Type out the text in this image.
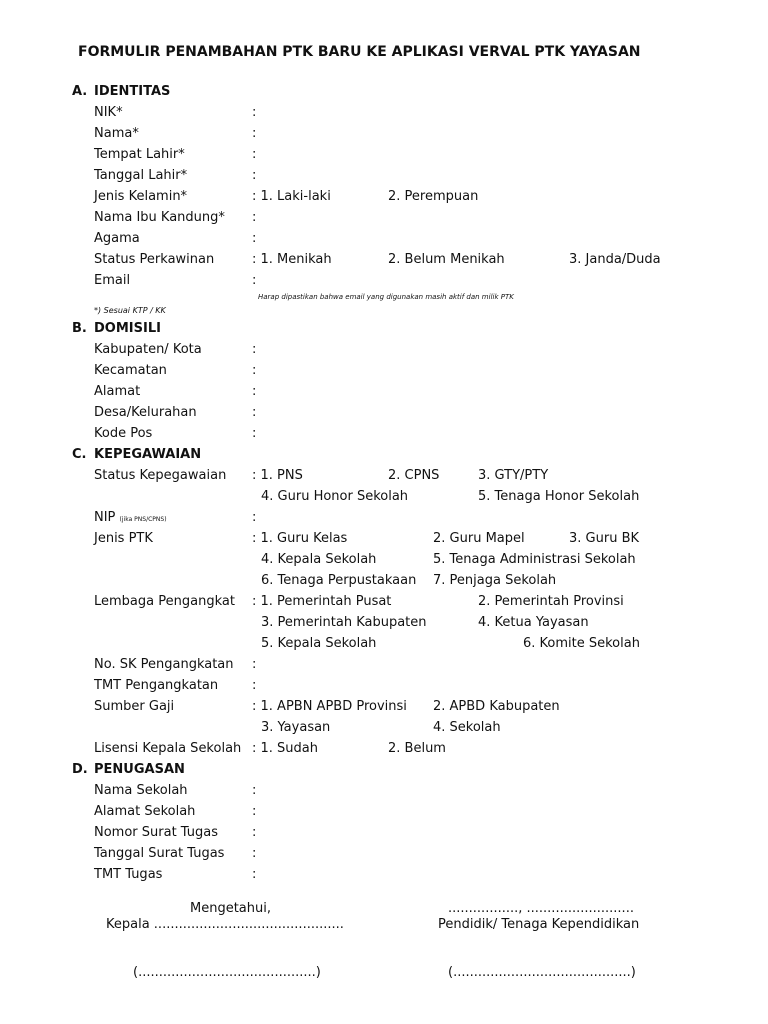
FORMULIR PENAMBAHAN PTK BARU KE APLIKASI VERVAL PTK YAYASAN
A. IDENTITAS
NIK*	:
Nama*	:
Tempat Lahir*	:
Tanggal Lahir*	:
Jenis Kelamin*	: 1. Laki-laki	2. Perempuan
Nama Ibu Kandung* :
Agama	:
Status Perkawinan	: 1. Menikah	2. Belum Menikah	3. Janda/Duda
Email	:
Harap dipastikan bahwa email yang digunakan masih aktif dan milik PTK
*) Sesuai KTP / KK
B. DOMISILI
Kabupaten/ Kota	:
Kecamatan	:
Alamat	:
Desa/Kelurahan	:
Kode Pos	:
C. KEPEGAWAIAN
Status Kepegawaian : 1. PNS	2. CPNS	3. GTY/PTY
4. Guru Honor Sekolah	5. Tenaga Honor Sekolah
NIP (jika PNS/CPNS)	:
Jenis PTK	: 1. Guru Kelas	2. Guru Mapel	3. Guru BK
4. Kepala Sekolah	5. Tenaga Administrasi Sekolah
6. Tenaga Perpustakaan 7. Penjaga Sekolah
Lembaga Pengangkat : 1. Pemerintah Pusat	2. Pemerintah Provinsi
3. Pemerintah Kabupaten	4. Ketua Yayasan
5. Kepala Sekolah	6. Komite Sekolah
No. SK Pengangkatan :
TMT Pengangkatan	:
Sumber Gaji	: 1. APBN APBD Provinsi 2. APBD Kabupaten
3. Yayasan	4. Sekolah
Lisensi Kepala Sekolah : 1. Sudah	2. Belum
D. PENUGASAN
Nama Sekolah	:
Alamat Sekolah	:
Nomor Surat Tugas	:
Tanggal Surat Tugas :
TMT Tugas	:
Mengetahui,
Kepala ..............................................
................., ..........................
Pendidik/ Tenaga Kependidikan
(...........................................)	(...........................................)
